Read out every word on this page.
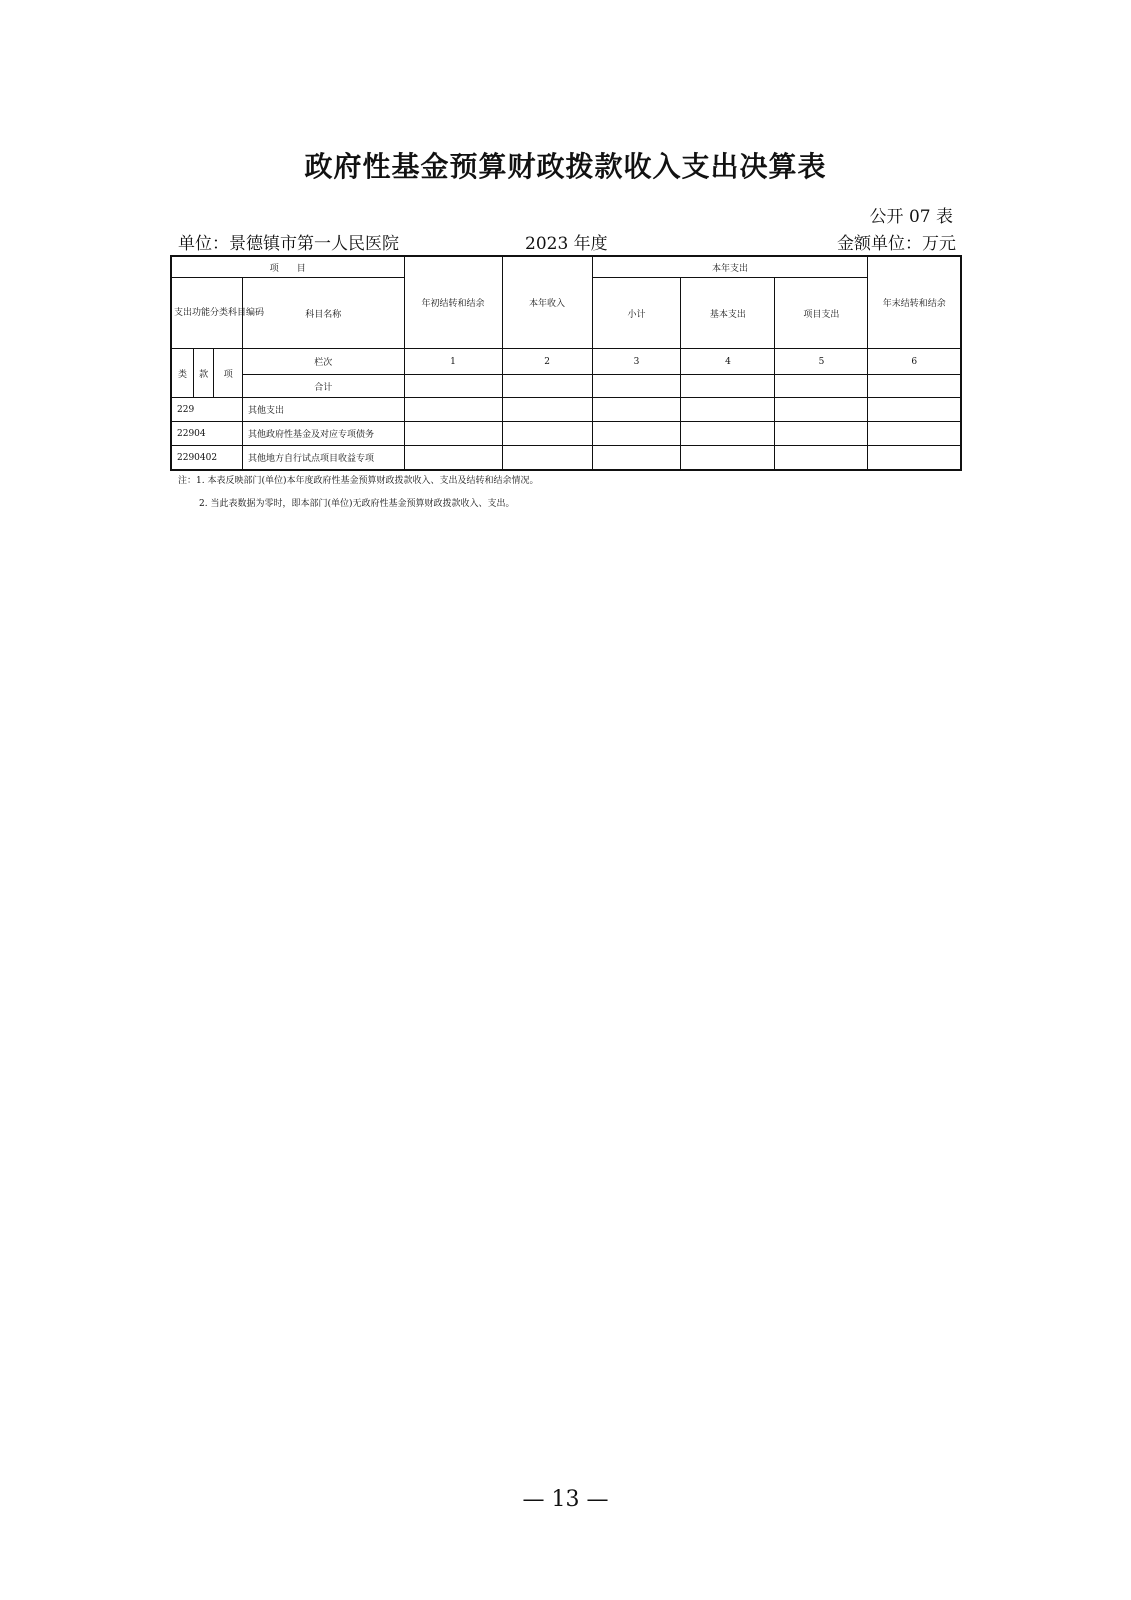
政府性基金预算财政拨款收入支出决算表
公开 07 表
单位：景德镇市第一人民医院	2023 年度	金额单位：万元
项　　目				年初结转和结余	本年收入	本年支出			年末结转和结余
支出功能分类科目编码			科目名称			小计	基本支出	项目支出	
类	款	项	栏次	1	2	3	4	5	6
			合计						
229			其他支出						
22904			其他政府性基金及对应专项债务						
2290402			其他地方自行试点项目收益专项						
注：1. 本表反映部门(单位)本年度政府性基金预算财政拨款收入、支出及结转和结余情况。
2. 当此表数据为零时，即本部门(单位)无政府性基金预算财政拨款收入、支出。
— 13 —
